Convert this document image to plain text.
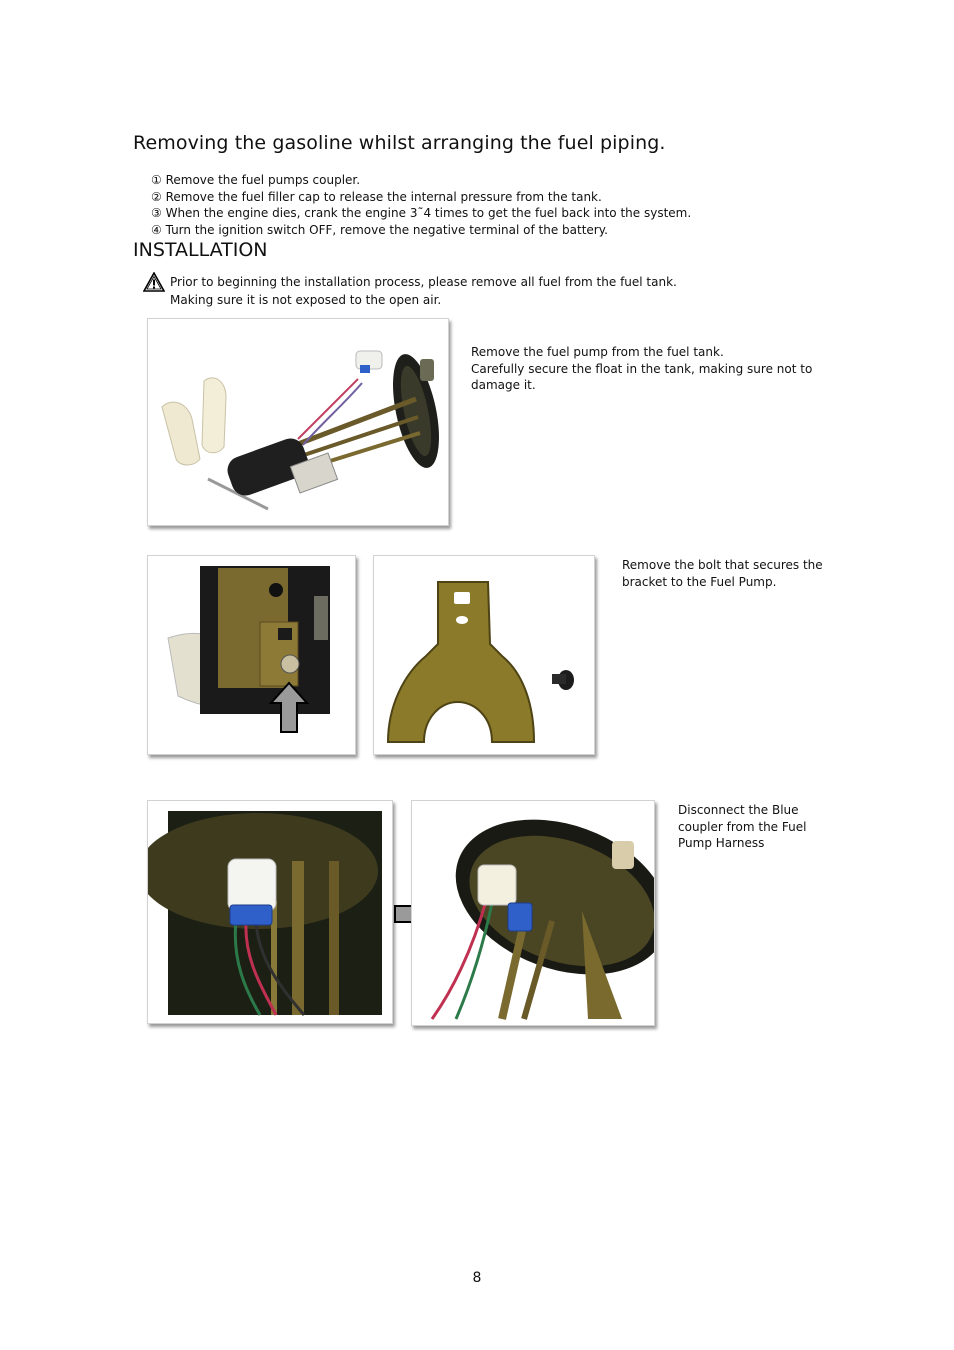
Removing the gasoline whilst arranging the fuel piping.
① Remove the fuel pumps coupler.
② Remove the fuel filler cap to release the internal pressure from the tank.
③ When the engine dies, crank the engine 3˜4 times to get the fuel back into the system.
④ Turn the ignition switch OFF, remove the negative terminal of the battery.
INSTALLATION
Prior to beginning the installation process, please remove all fuel from the fuel tank.
Making sure it is not exposed to the open air.
Remove the fuel pump from the fuel tank.
Carefully secure the float in the tank, making sure not to
damage it.
Remove the bolt that secures the
bracket to the Fuel Pump.
Disconnect the Blue
coupler from the Fuel
Pump Harness
8
